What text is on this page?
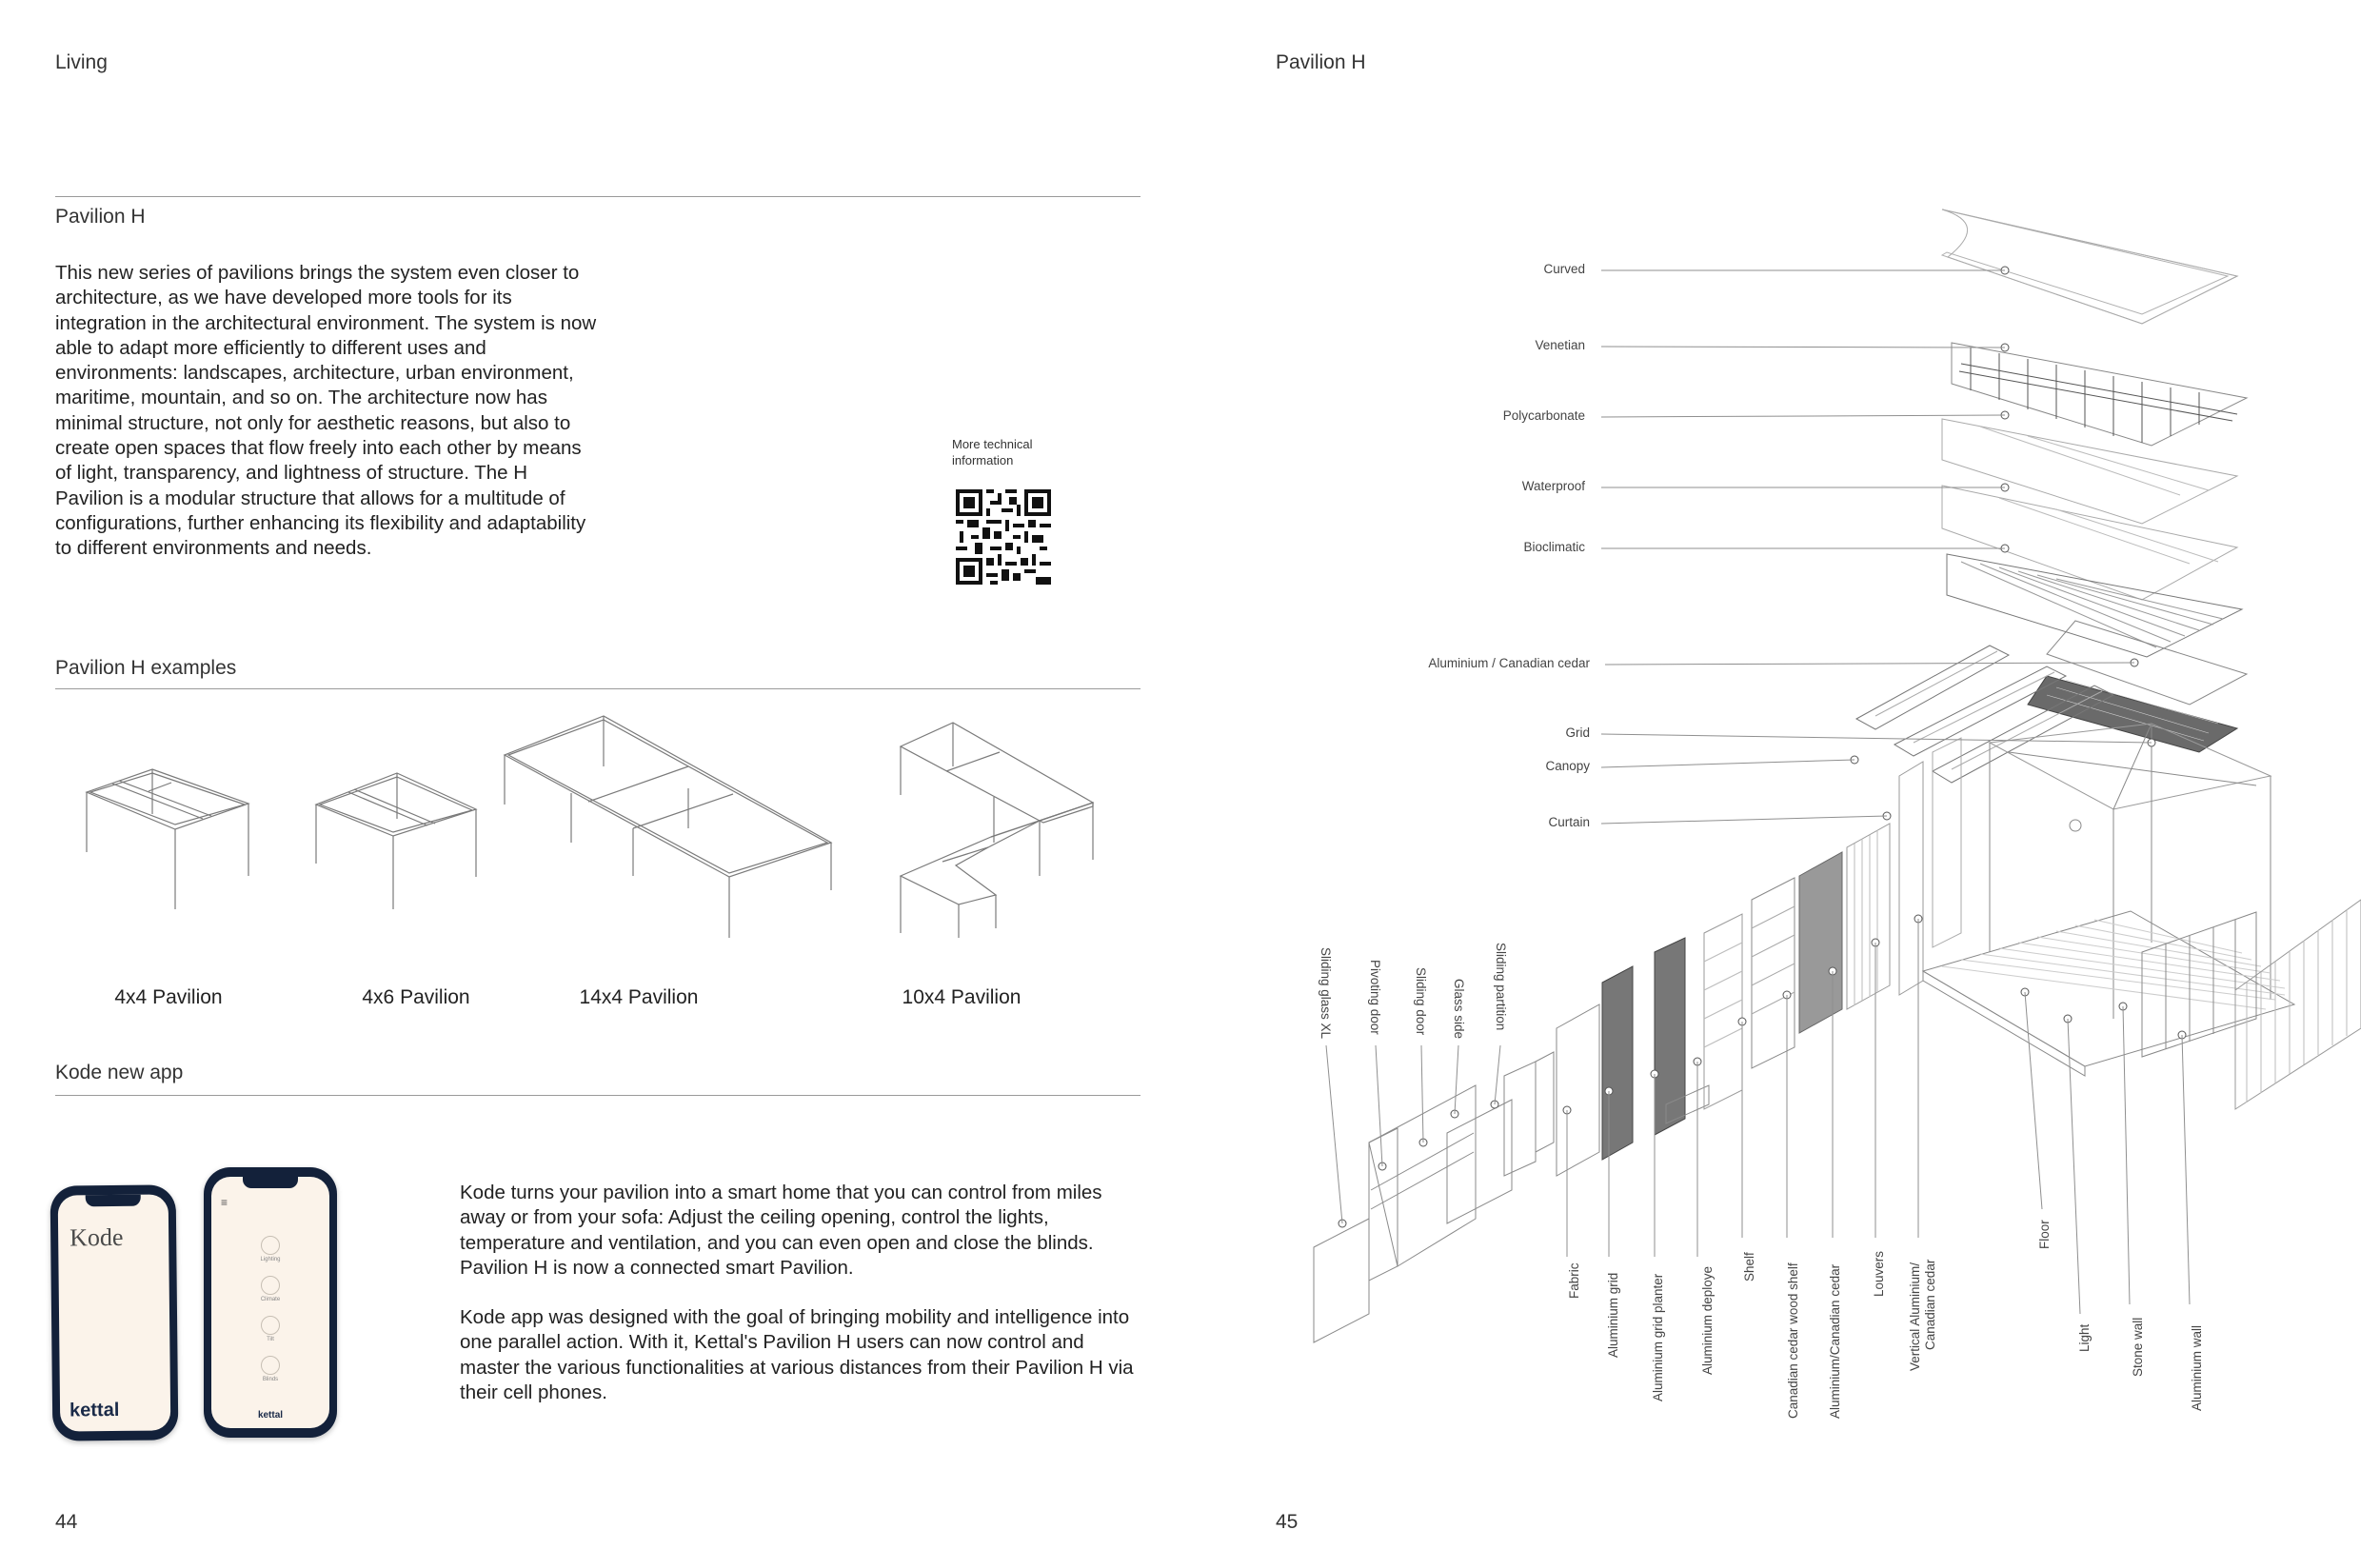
Living
Pavilion H
This new series of pavilions brings the system even closer to architecture, as we have developed more tools for its integration in the architectural environment. The system is now able to adapt more efficiently to different uses and environments: landscapes, architecture, urban environment, maritime, mountain, and so on. The architecture now has minimal structure, not only for aesthetic reasons, but also to create open spaces that flow freely into each other by means of light, transparency, and lightness of structure. The H Pavilion is a modular structure that allows for a multitude of configurations, further enhancing its flexibility and adaptability to different environments and needs.
More technical information
Pavilion H examples
4x4 Pavilion	4x6 Pavilion	14x4 Pavilion	10x4 Pavilion
Kode new app
Kode
kettal
≡
Lighting
Climate
Tilt
Blinds
kettal
Kode turns your pavilion into a smart home that you can control from miles away or from your sofa: Adjust the ceiling opening, control the lights, temperature and ventilation, and you can even open and close the blinds. Pavilion H is now a connected smart Pavilion.
Kode app was designed with the goal of bringing mobility and intelligence into one parallel action. With it, Kettal's Pavilion H users can now control and master the various functionalities at various distances from their Pavilion H via their cell phones.
44
Pavilion H
Curved
Venetian
Polycarbonate
Waterproof
Bioclimatic
Aluminium / Canadian cedar
Grid
Canopy
Curtain
Sliding glass XL	Pivoting door Sliding door Glass side Sliding partition
Fabric Aluminium grid Aluminium grid planter	Aluminium deploye Shelf Canadian cedar wood shelf Aluminium/Canadian cedar Louvers Vertical Aluminium/ Canadian cedar
Floor
Light	Stone wall	Aluminium wall
45
